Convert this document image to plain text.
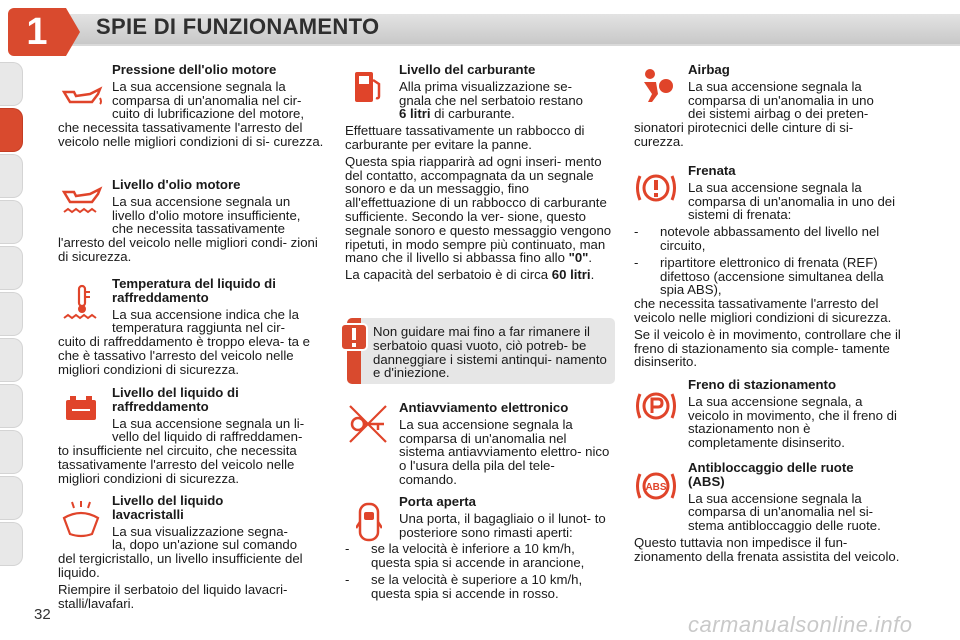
1	SPIE DI FUNZIONAMENTO
Pressione dell'olio motore

La sua accensione segnala la

comparsa di un'anomalia nel cir-

cuito di lubrificazione del motore,

che necessita tassativamente l'arresto del veicolo nelle migliori condizioni di si- curezza.

Livello d'olio motore

La sua accensione segnala un

livello d'olio motore insufficiente,

che necessita tassativamente

l'arresto del veicolo nelle migliori condi- zioni di sicurezza.

Temperatura del liquido di
raffreddamento

La sua accensione indica che la

temperatura raggiunta nel cir-

cuito di raffreddamento è troppo eleva- ta e che è tassativo l'arresto del veicolo nelle migliori condizioni di sicurezza.

Livello del liquido di
raffreddamento

La sua accensione segnala un li-

vello del liquido di raffreddamen-

to insufficiente nel circuito, che necessita tassativamente l'arresto del veicolo nelle migliori condizioni di sicurezza.

Livello del liquido
lavacristalli

La sua visualizzazione segna-

la, dopo un'azione sul comando

del tergicristallo, un livello insufficiente del liquido.

Riempire il serbatoio del liquido lavacri- stalli/lavafari.

Livello del carburante

Alla prima visualizzazione se-

gnala che nel serbatoio restano

6 litri di carburante.

Effettuare tassativamente un rabbocco di carburante per evitare la panne.

Questa spia riapparirà ad ogni inseri- mento del contatto, accompagnata da un segnale sonoro e da un messaggio, fino all'effettuazione di un rabbocco di carburante sufficiente. Secondo la ver- sione, questo segnale sonoro e questo messaggio vengono ripetuti, in modo sempre più continuato, man mano che il livello si abbassa fino allo "0".

La capacità del serbatoio è di circa 60 litri.

Non guidare mai fino a far rimanere il serbatoio quasi vuoto, ciò potreb- be danneggiare i sistemi antinqui- namento e d'iniezione.
Antiavviamento elettronico

La sua accensione segnala la comparsa di un'anomalia nel sistema antiavviamento elettro- nico o l'usura della pila del tele- comando.

Porta aperta

Una porta, il bagagliaio o il lunot- to posteriore sono rimasti aperti:

- se la velocità è inferiore a 10 km/h, questa spia si accende in arancione,

- se la velocità è superiore a 10 km/h, questa spia si accende in rosso.

Airbag

La sua accensione segnala la

comparsa di un'anomalia in uno

dei sistemi airbag o dei preten-

sionatori pirotecnici delle cinture di si- curezza.

Frenata

La sua accensione segnala la comparsa di un'anomalia in uno dei sistemi di frenata:

- notevole abbassamento del livello nel circuito,

- ripartitore elettronico di frenata (REF) difettoso (accensione simultanea della spia ABS),

che necessita tassativamente l'arresto del veicolo nelle migliori condizioni di sicurezza.

Se il veicolo è in movimento, controllare che il freno di stazionamento sia comple- tamente disinserito.

Freno di stazionamento

La sua accensione segnala, a veicolo in movimento, che il freno di stazionamento non è completamente disinserito.

ABS
Antibloccaggio delle ruote
(ABS)

La sua accensione segnala la comparsa di un'anomalia nel si- stema antibloccaggio delle ruote.

Questo tuttavia non impedisce il fun- zionamento della frenata assistita del veicolo.

32	carmanualsonline.info
